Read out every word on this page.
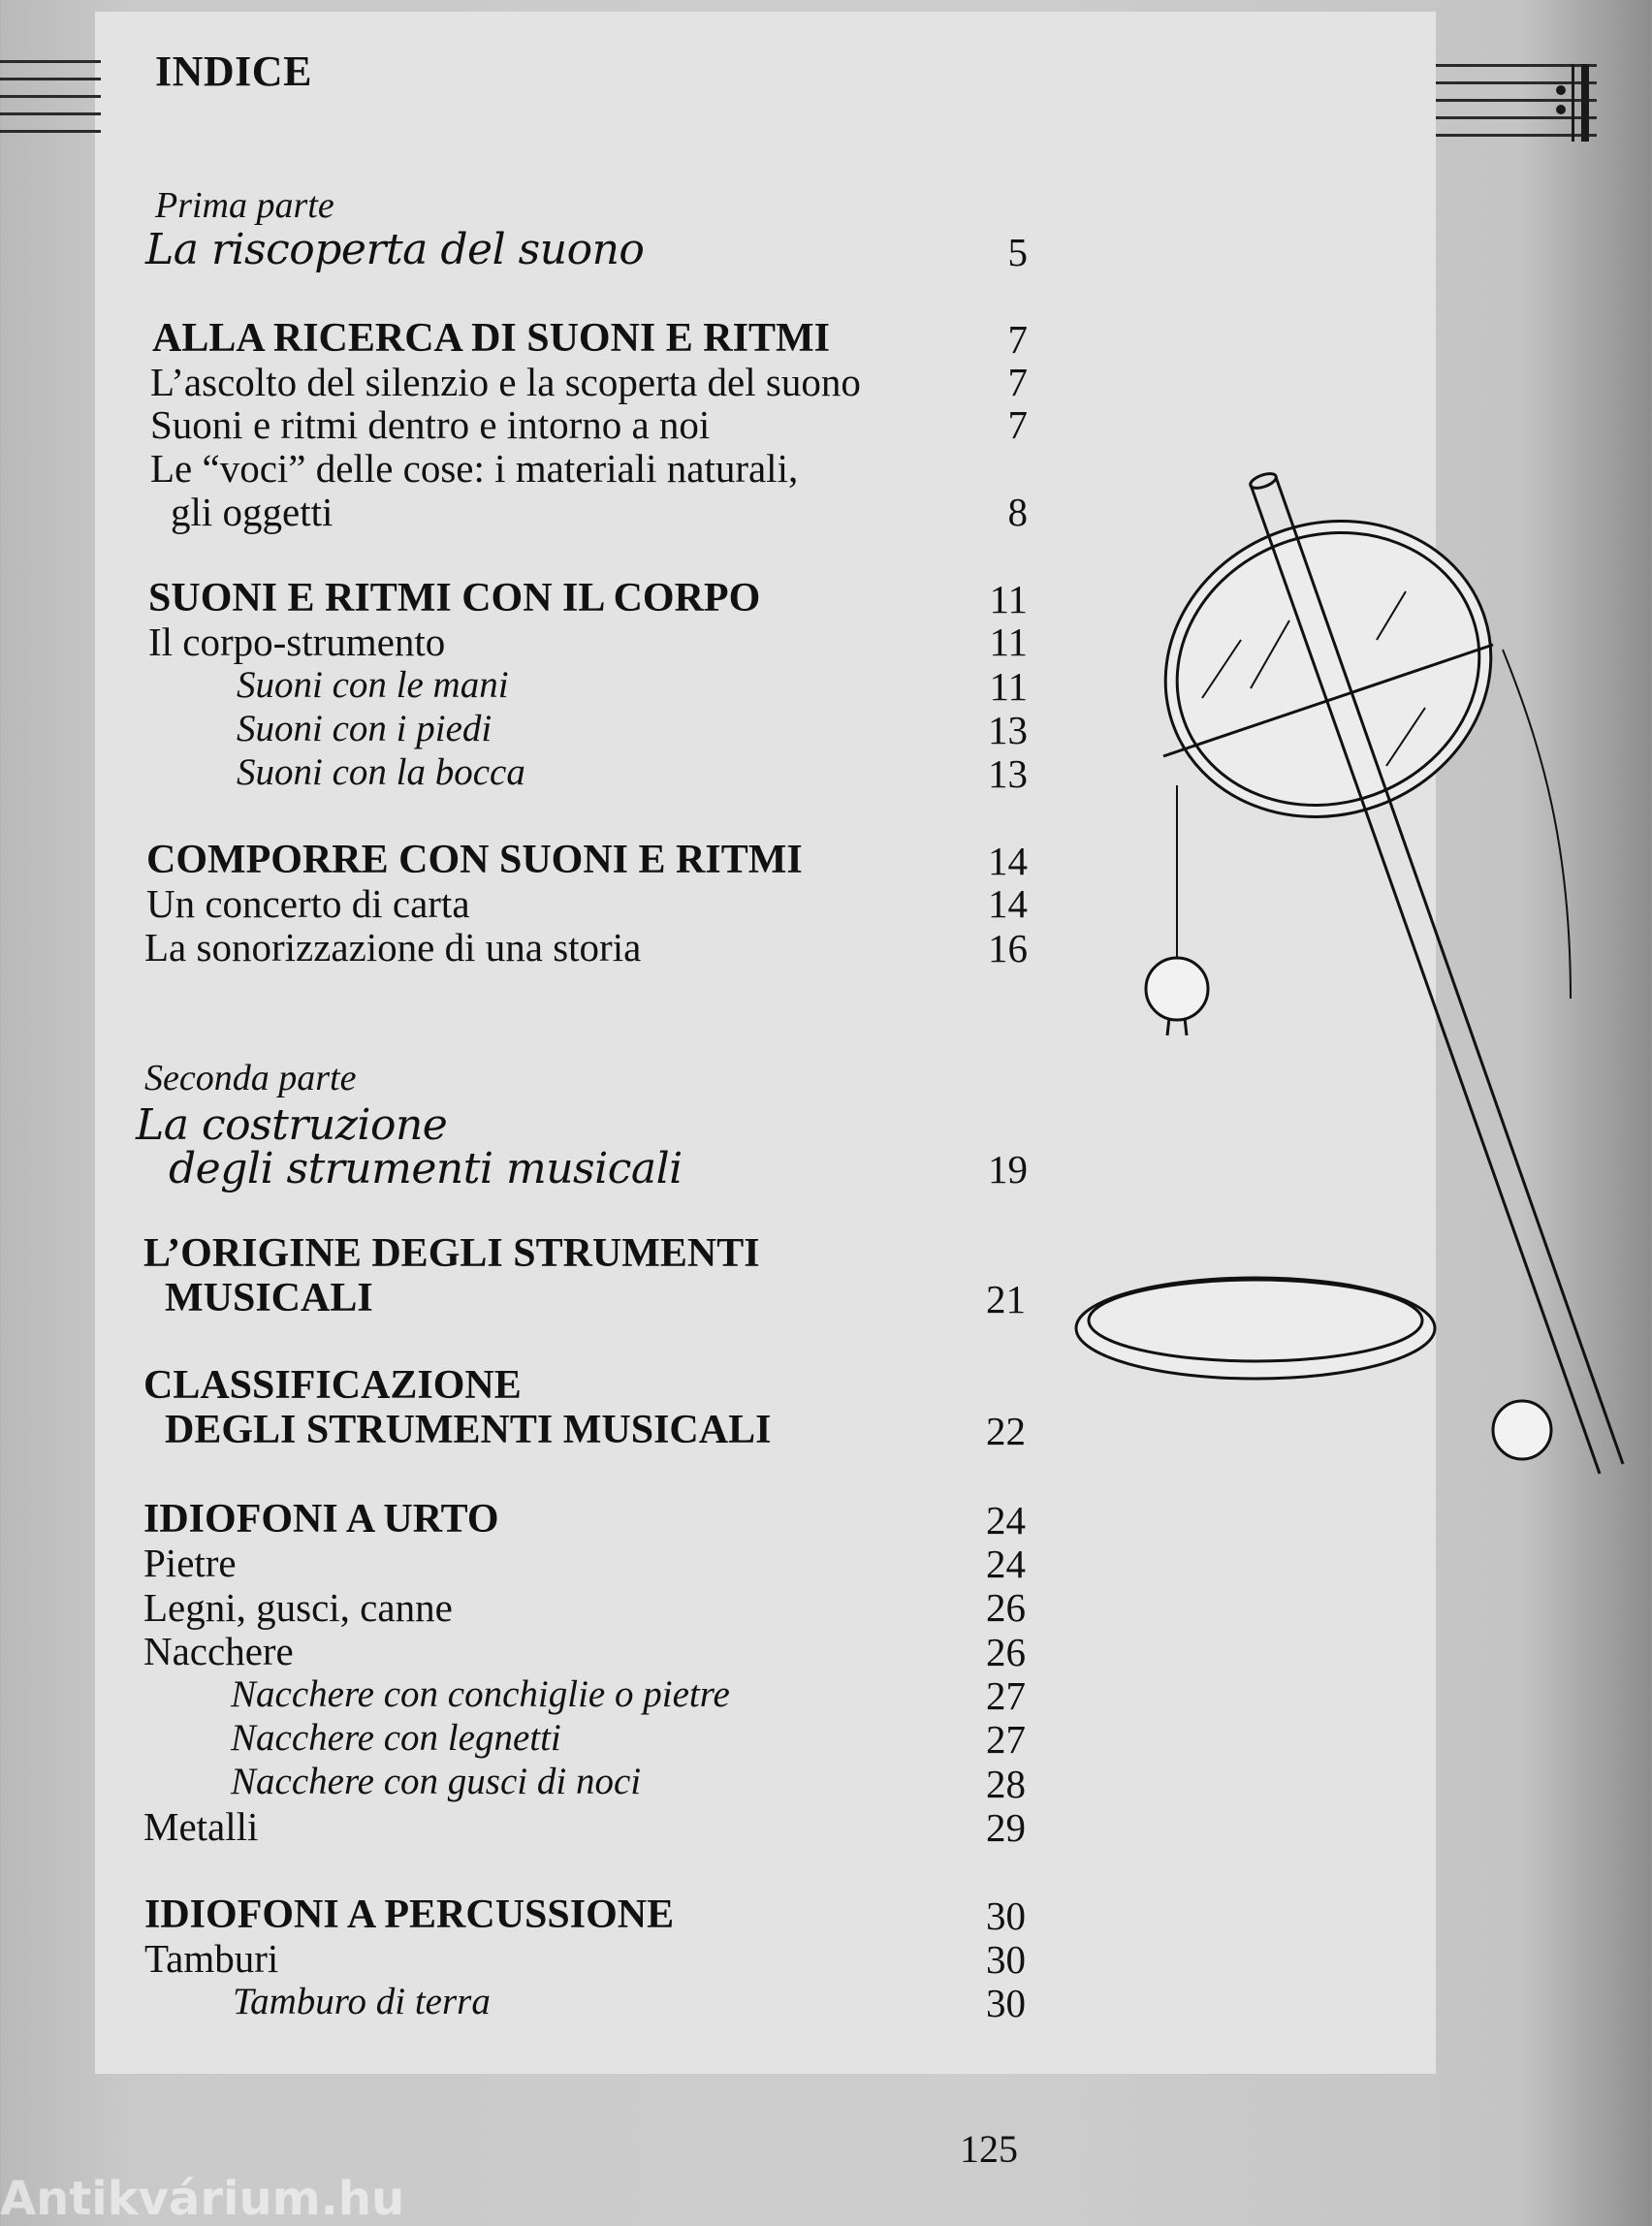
INDICE
Prima parte
La riscoperta del suono	5
ALLA RICERCA DI SUONI E RITMI	7
L’ascolto del silenzio e la scoperta del suono	7
Suoni e ritmi dentro e intorno a noi	7
Le “voci” delle cose: i materiali naturali,
gli oggetti	8
SUONI E RITMI CON IL CORPO	11
Il corpo-strumento	11
Suoni con le mani	11
Suoni con i piedi	13
Suoni con la bocca	13
COMPORRE CON SUONI E RITMI	14
Un concerto di carta	14
La sonorizzazione di una storia	16
Seconda parte
La costruzione
degli strumenti musicali	19
L’ORIGINE DEGLI STRUMENTI
MUSICALI	21
CLASSIFICAZIONE
DEGLI STRUMENTI MUSICALI	22
IDIOFONI A URTO	24
Pietre	24
Legni, gusci, canne	26
Nacchere	26
Nacchere con conchiglie o pietre	27
Nacchere con legnetti	27
Nacchere con gusci di noci	28
Metalli	29
IDIOFONI A PERCUSSIONE	30
Tamburi	30
Tamburo di terra	30
125
Antikvárium.hu
